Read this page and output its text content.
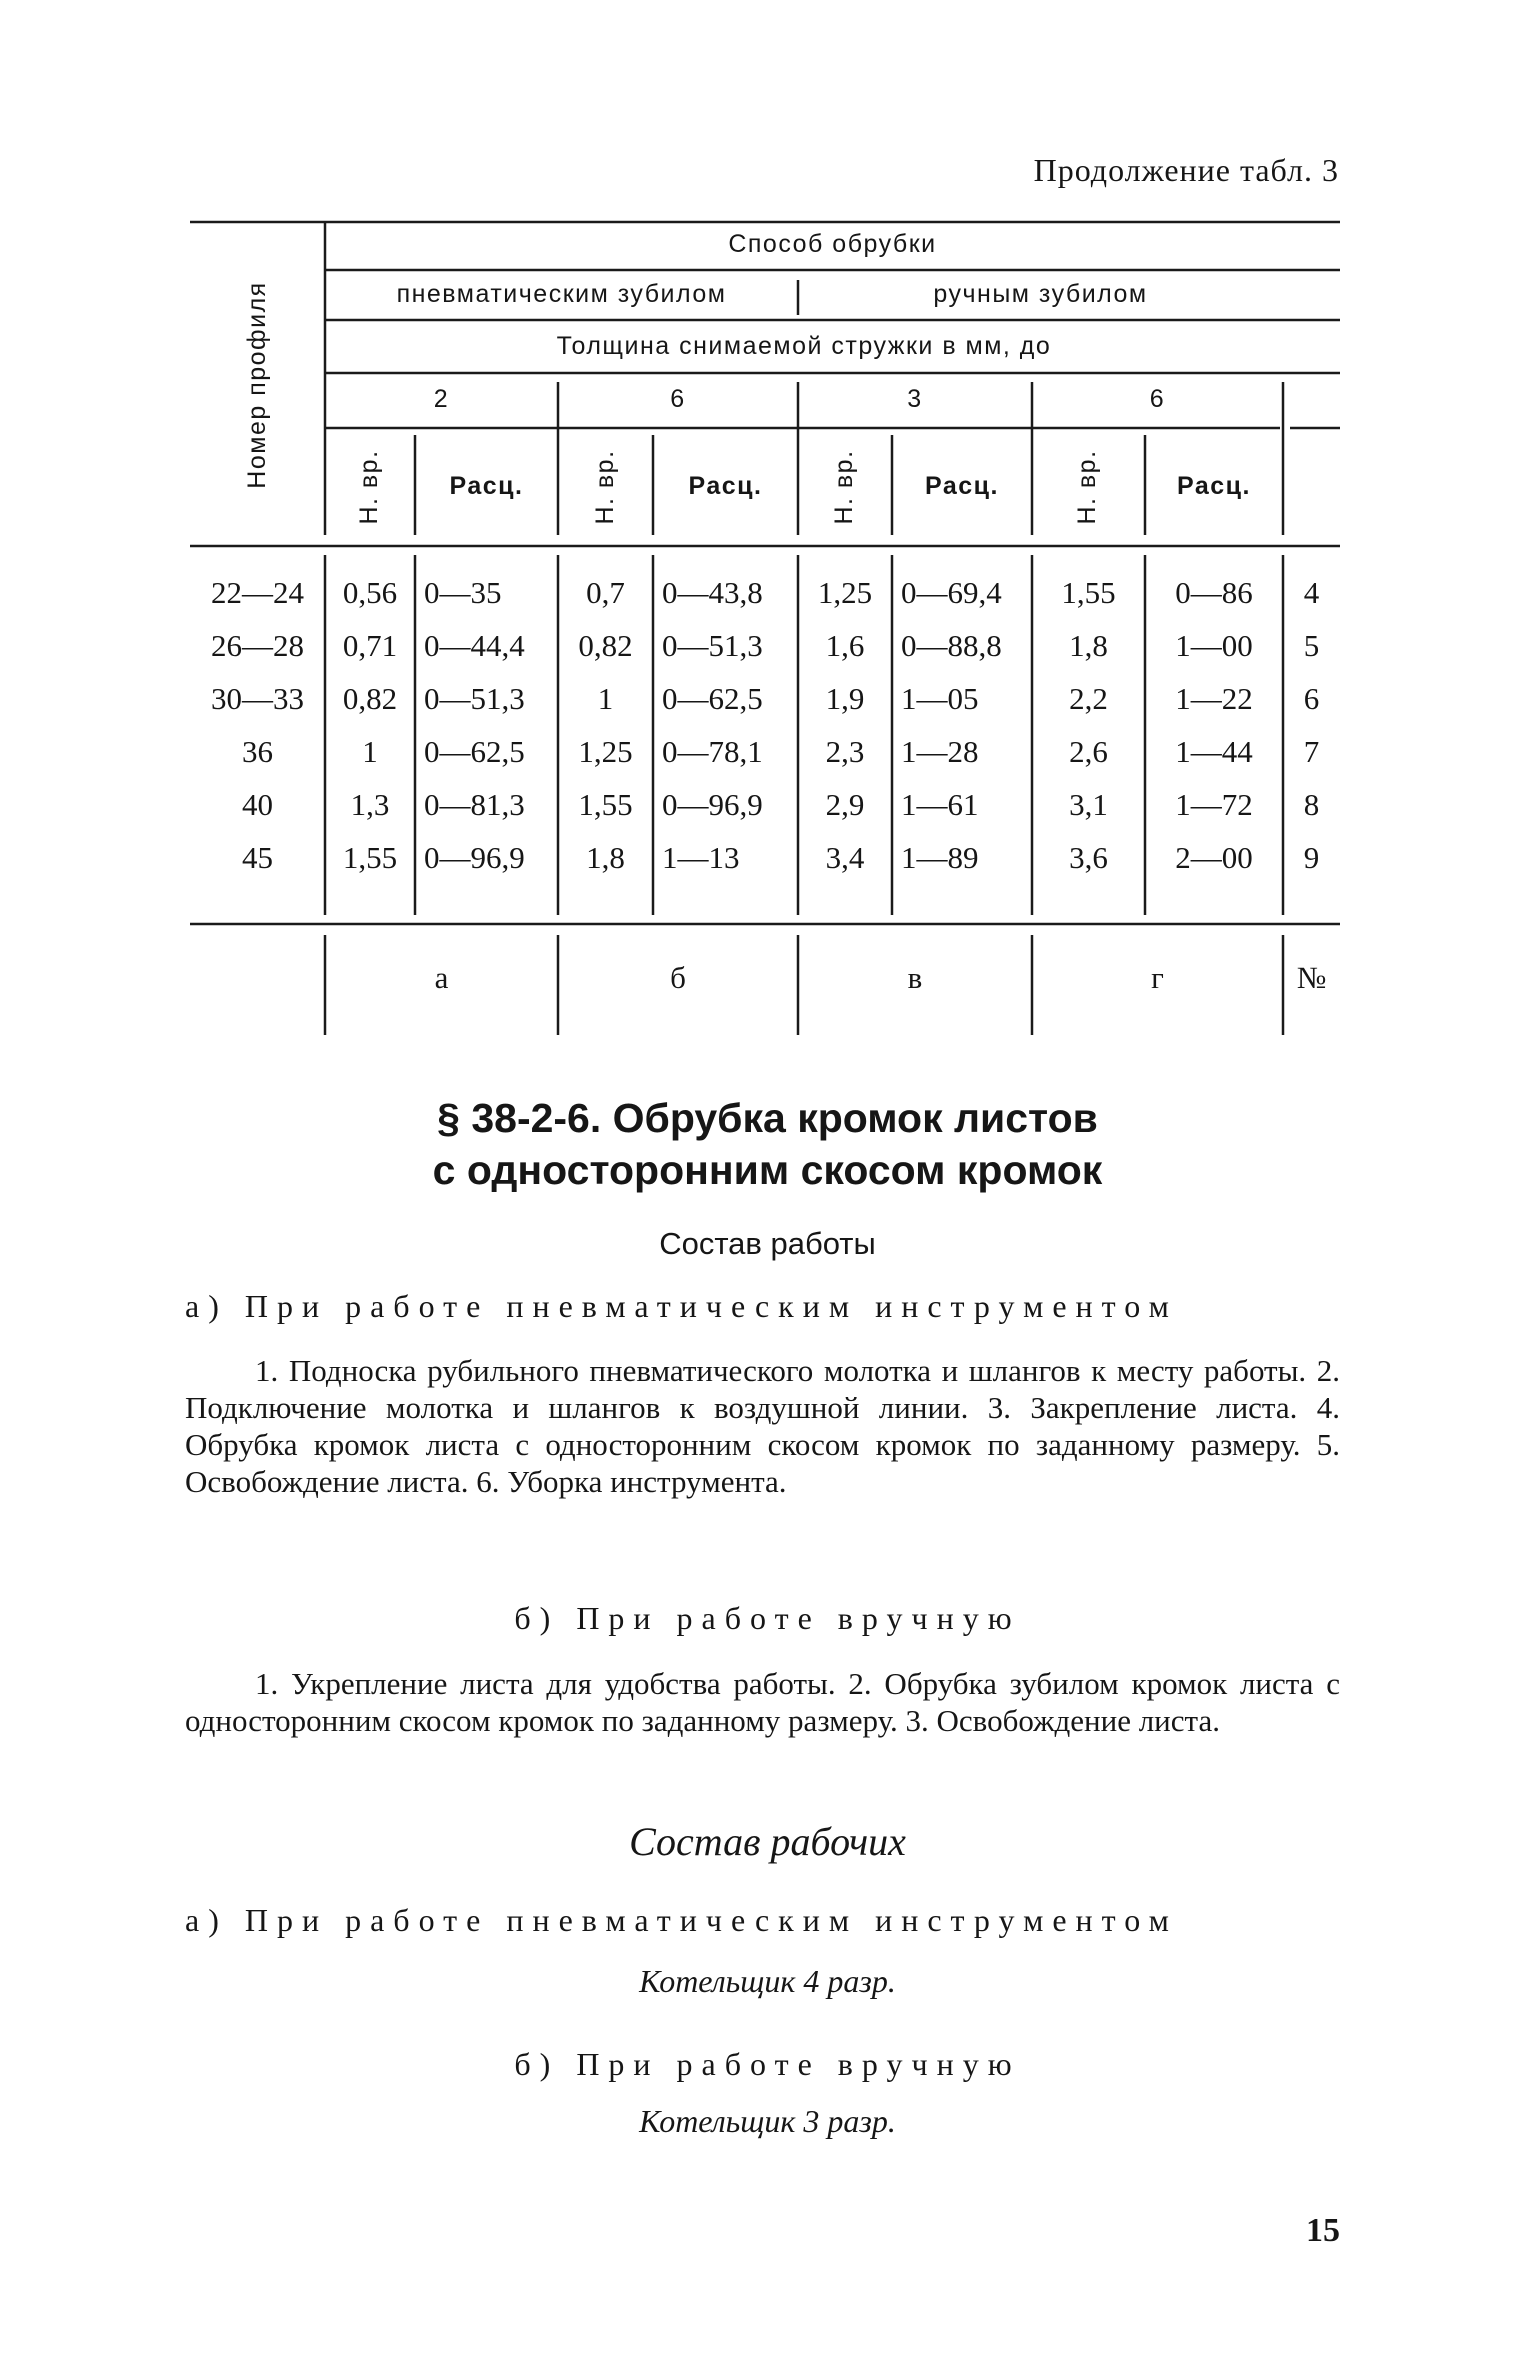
Продолжение табл. 3
Номер профиля
Способ обрубки
пневматическим зубилом	ручным зубилом
Толщина снимаемой стружки в мм, до
2	6	3	6
Н. вр.	Расц.	Н. вр.	Расц.	Н. вр.	Расц.	Н. вр.	Расц.
22—24	0,56 0—35	0,7	0—43,8	1,25 0—69,4	1,55	0—86	4
26—28	0,71 0—44,4	0,82 0—51,3	1,6	0—88,8	1,8	1—00	5
30—33	0,82 0—51,3	1	0—62,5	1,9	1—05	2,2	1—22	6
36	1	0—62,5	1,25 0—78,1	2,3	1—28	2,6	1—44	7
40	1,3	0—81,3	1,55 0—96,9	2,9	1—61	3,1	1—72	8
45	1,55 0—96,9	1,8	1—13	3,4	1—89	3,6	2—00	9
а	б	в	г	№
§ 38-2-6. Обрубка кромок листов
с односторонним скосом кромок
Состав работы
а) При работе пневматическим инструментом
1. Подноска рубильного пневматического молотка и шлангов к месту работы. 2. Подключение молотка и шлангов к воздушной линии. 3. Закрепление листа. 4. Обрубка кромок листа с односторонним скосом кромок по заданному размеру. 5. Освобождение листа. 6. Уборка инструмента.
б) При работе вручную
1. Укрепление листа для удобства работы. 2. Обрубка зубилом кромок листа с односторонним скосом кромок по заданному размеру. 3. Освобождение листа.
Состав рабочих
а) При работе пневматическим инструментом
Котельщик 4 разр.
б) При работе вручную
Котельщик 3 разр.
15
